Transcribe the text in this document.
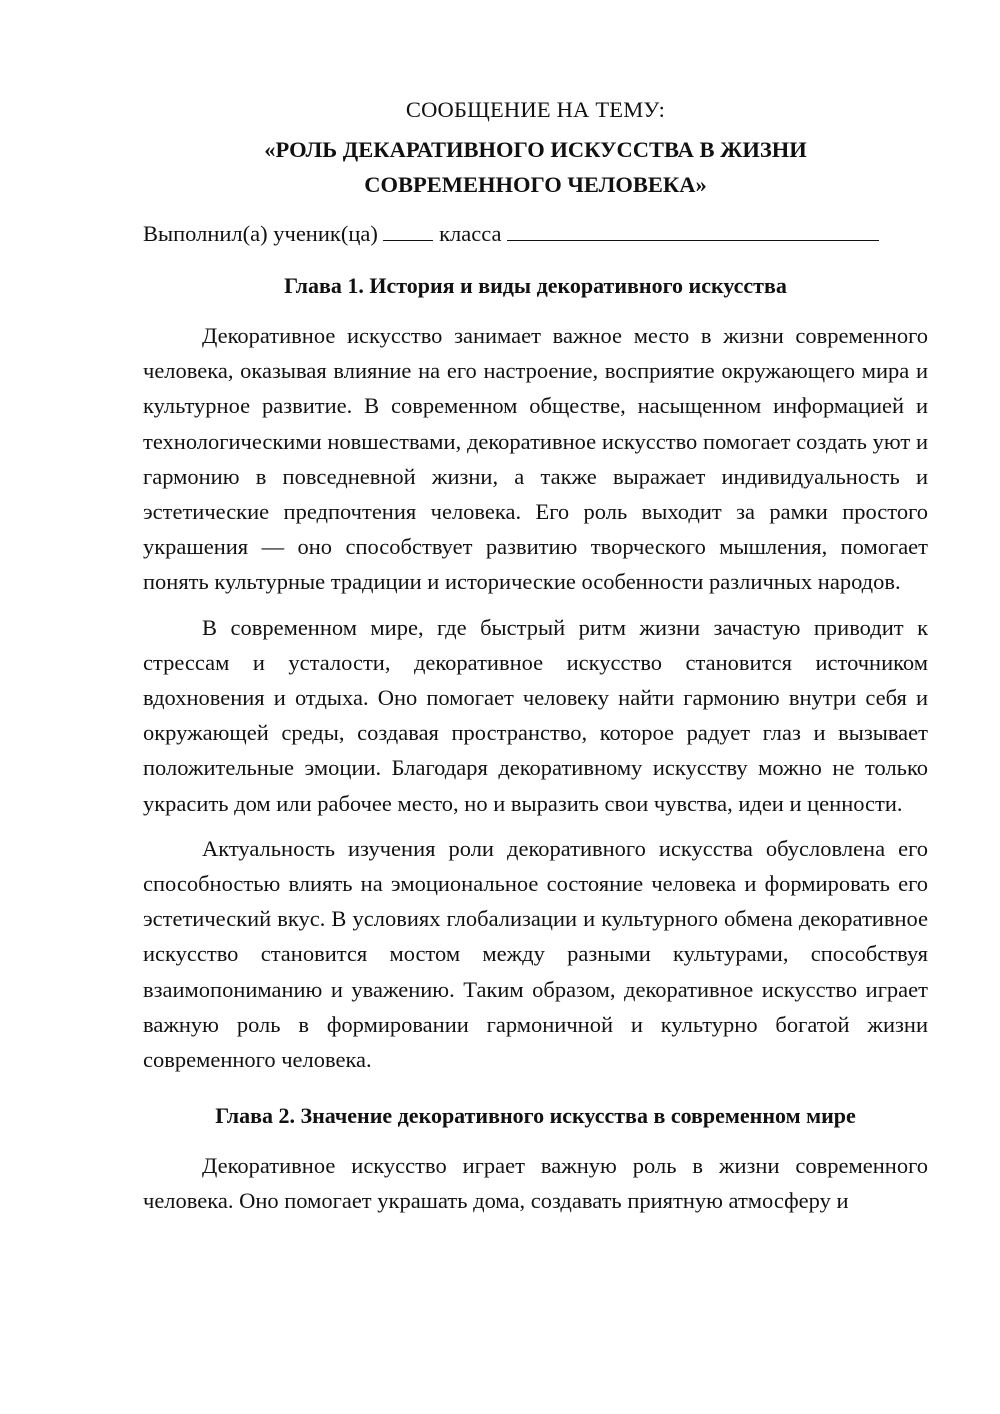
СООБЩЕНИЕ НА ТЕМУ:

«РОЛЬ ДЕКАРАТИВНОГО ИСКУССТВА В ЖИЗНИ
СОВРЕМЕННОГО ЧЕЛОВЕКА»

Выполнил(а) ученик(ца)	класса

Глава 1. История и виды декоративного искусства

Декоративное искусство занимает важное место в жизни современного человека, оказывая влияние на его настроение, восприятие окружающего мира и культурное развитие. В современном обществе, насыщенном информацией и технологическими новшествами, декоративное искусство помогает создать уют и гармонию в повседневной жизни, а также выражает индивидуальность и эстетические предпочтения человека. Его роль выходит за рамки простого украшения — оно способствует развитию творческого мышления, помогает понять культурные традиции и исторические особенности различных народов.

В современном мире, где быстрый ритм жизни зачастую приводит к стрессам и усталости, декоративное искусство становится источником вдохновения и отдыха. Оно помогает человеку найти гармонию внутри себя и окружающей среды, создавая пространство, которое радует глаз и вызывает положительные эмоции. Благодаря декоративному искусству можно не только украсить дом или рабочее место, но и выразить свои чувства, идеи и ценности.

Актуальность изучения роли декоративного искусства обусловлена его способностью влиять на эмоциональное состояние человека и формировать его эстетический вкус. В условиях глобализации и культурного обмена декоративное искусство становится мостом между разными культурами, способствуя взаимопониманию и уважению. Таким образом, декоративное искусство играет важную роль в формировании гармоничной и культурно богатой жизни современного человека.

Глава 2. Значение декоративного искусства в современном мире

Декоративное искусство играет важную роль в жизни современного человека. Оно помогает украшать дома, создавать приятную атмосферу и
